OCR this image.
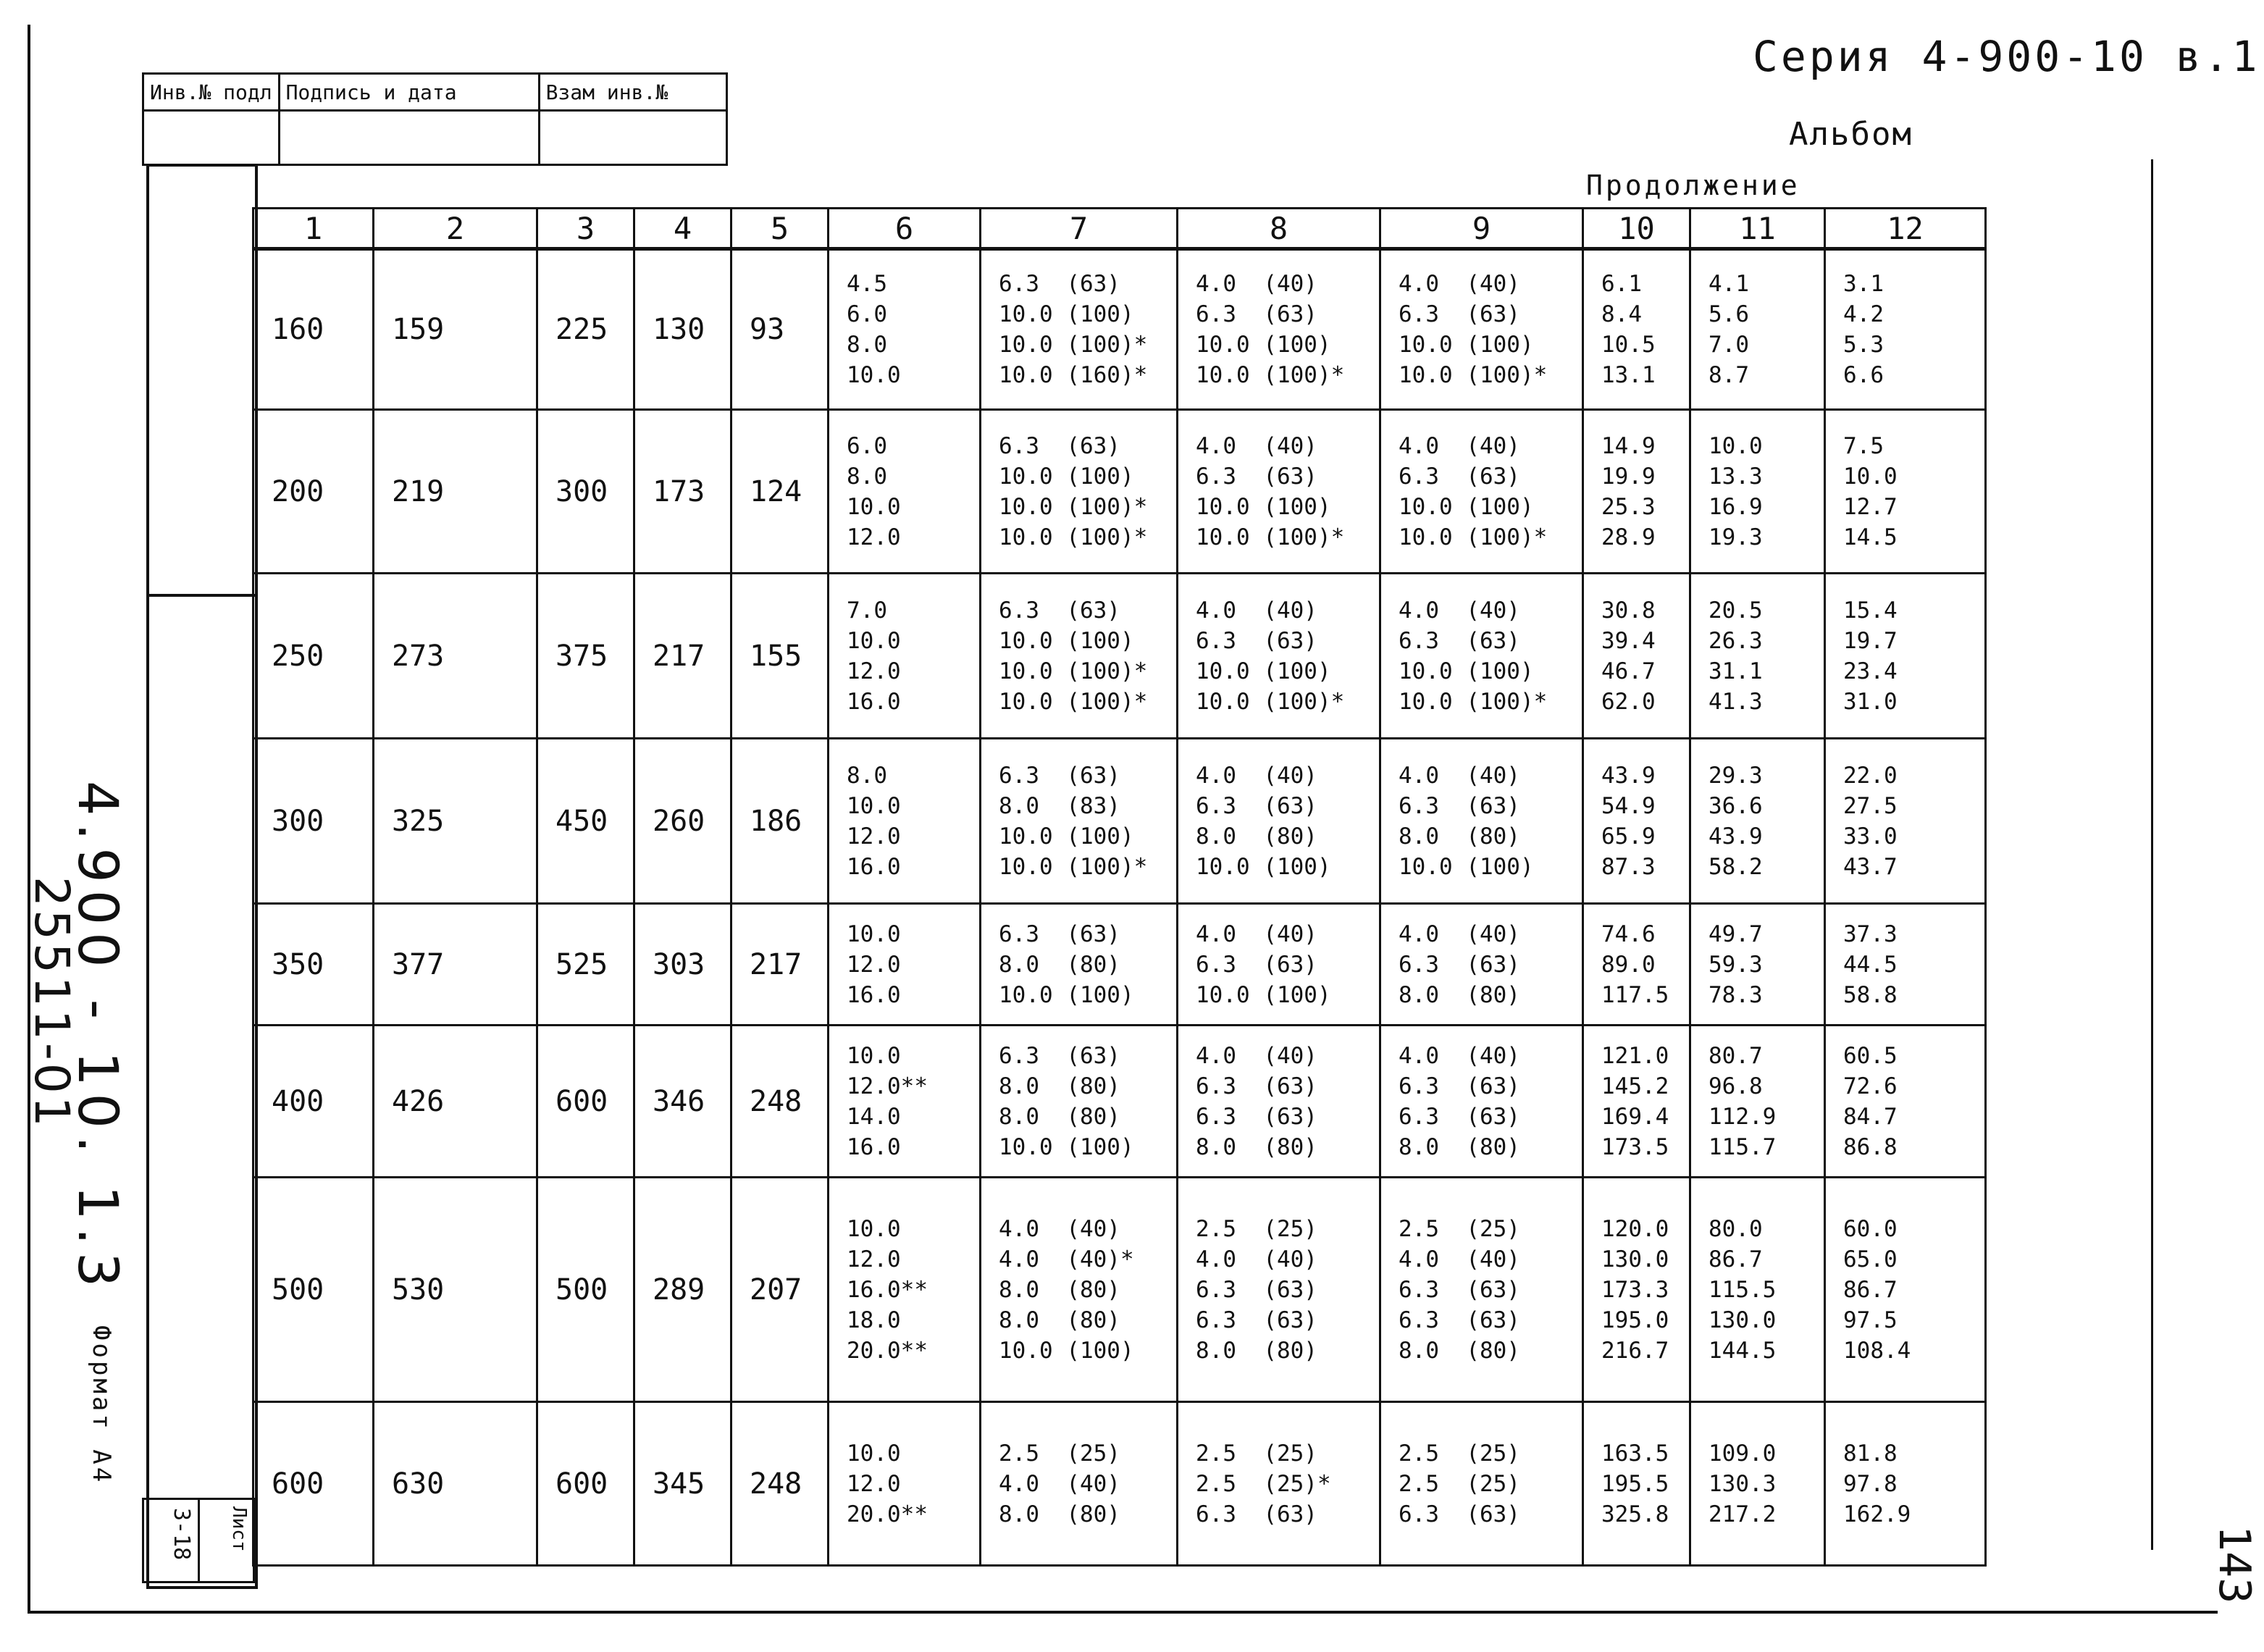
Серия 4-900-10 в.1
Альбом
Продолжение
Инв.№ подл	Подпись и дата	Взам инв.№

4.900 - 10. 1.3
25511-01
Формат А4
3-18 Лист	143
1	2	3	4	5	6	7	8	9	10	11	12
160	159	225	130	93	4.5
6.0
8.0
10.0	6.3  (63)
10.0 (100)
10.0 (100)*
10.0 (160)*	4.0  (40)
6.3  (63)
10.0 (100)
10.0 (100)*	4.0  (40)
6.3  (63)
10.0 (100)
10.0 (100)*	6.1
8.4
10.5
13.1	4.1
5.6
7.0
8.7	3.1
4.2
5.3
6.6

200	219	300	173	124	6.0
8.0
10.0
12.0	6.3  (63)
10.0 (100)
10.0 (100)*
10.0 (100)*	4.0  (40)
6.3  (63)
10.0 (100)
10.0 (100)*	4.0  (40)
6.3  (63)
10.0 (100)
10.0 (100)*	14.9
19.9
25.3
28.9	10.0
13.3
16.9
19.3	7.5
10.0
12.7
14.5

250	273	375	217	155	7.0
10.0
12.0
16.0	6.3  (63)
10.0 (100)
10.0 (100)*
10.0 (100)*	4.0  (40)
6.3  (63)
10.0 (100)
10.0 (100)*	4.0  (40)
6.3  (63)
10.0 (100)
10.0 (100)*	30.8
39.4
46.7
62.0	20.5
26.3
31.1
41.3	15.4
19.7
23.4
31.0

300	325	450	260	186	8.0
10.0
12.0
16.0	6.3  (63)
8.0  (83)
10.0 (100)
10.0 (100)*	4.0  (40)
6.3  (63)
8.0  (80)
10.0 (100)	4.0  (40)
6.3  (63)
8.0  (80)
10.0 (100)	43.9
54.9
65.9
87.3	29.3
36.6
43.9
58.2	22.0
27.5
33.0
43.7

350	377	525	303	217	10.0
12.0
16.0	6.3  (63)
8.0  (80)
10.0 (100)	4.0  (40)
6.3  (63)
10.0 (100)	4.0  (40)
6.3  (63)
8.0  (80)	74.6
89.0
117.5	49.7
59.3
78.3	37.3
44.5
58.8

400	426	600	346	248	10.0
12.0**
14.0
16.0	6.3  (63)
8.0  (80)
8.0  (80)
10.0 (100)	4.0  (40)
6.3  (63)
6.3  (63)
8.0  (80)	4.0  (40)
6.3  (63)
6.3  (63)
8.0  (80)	121.0
145.2
169.4
173.5	80.7
96.8
112.9
115.7	60.5
72.6
84.7
86.8

500	530	500	289	207	10.0
12.0
16.0**
18.0
20.0**	4.0  (40)
4.0  (40)*
8.0  (80)
8.0  (80)
10.0 (100)	2.5  (25)
4.0  (40)
6.3  (63)
6.3  (63)
8.0  (80)	2.5  (25)
4.0  (40)
6.3  (63)
6.3  (63)
8.0  (80)	120.0
130.0
173.3
195.0
216.7	80.0
86.7
115.5
130.0
144.5	60.0
65.0
86.7
97.5
108.4

600	630	600	345	248	10.0
12.0
20.0**	2.5  (25)
4.0  (40)
8.0  (80)	2.5  (25)
2.5  (25)*
6.3  (63)	2.5  (25)
2.5  (25)
6.3  (63)	163.5
195.5
325.8	109.0
130.3
217.2	81.8
97.8
162.9
